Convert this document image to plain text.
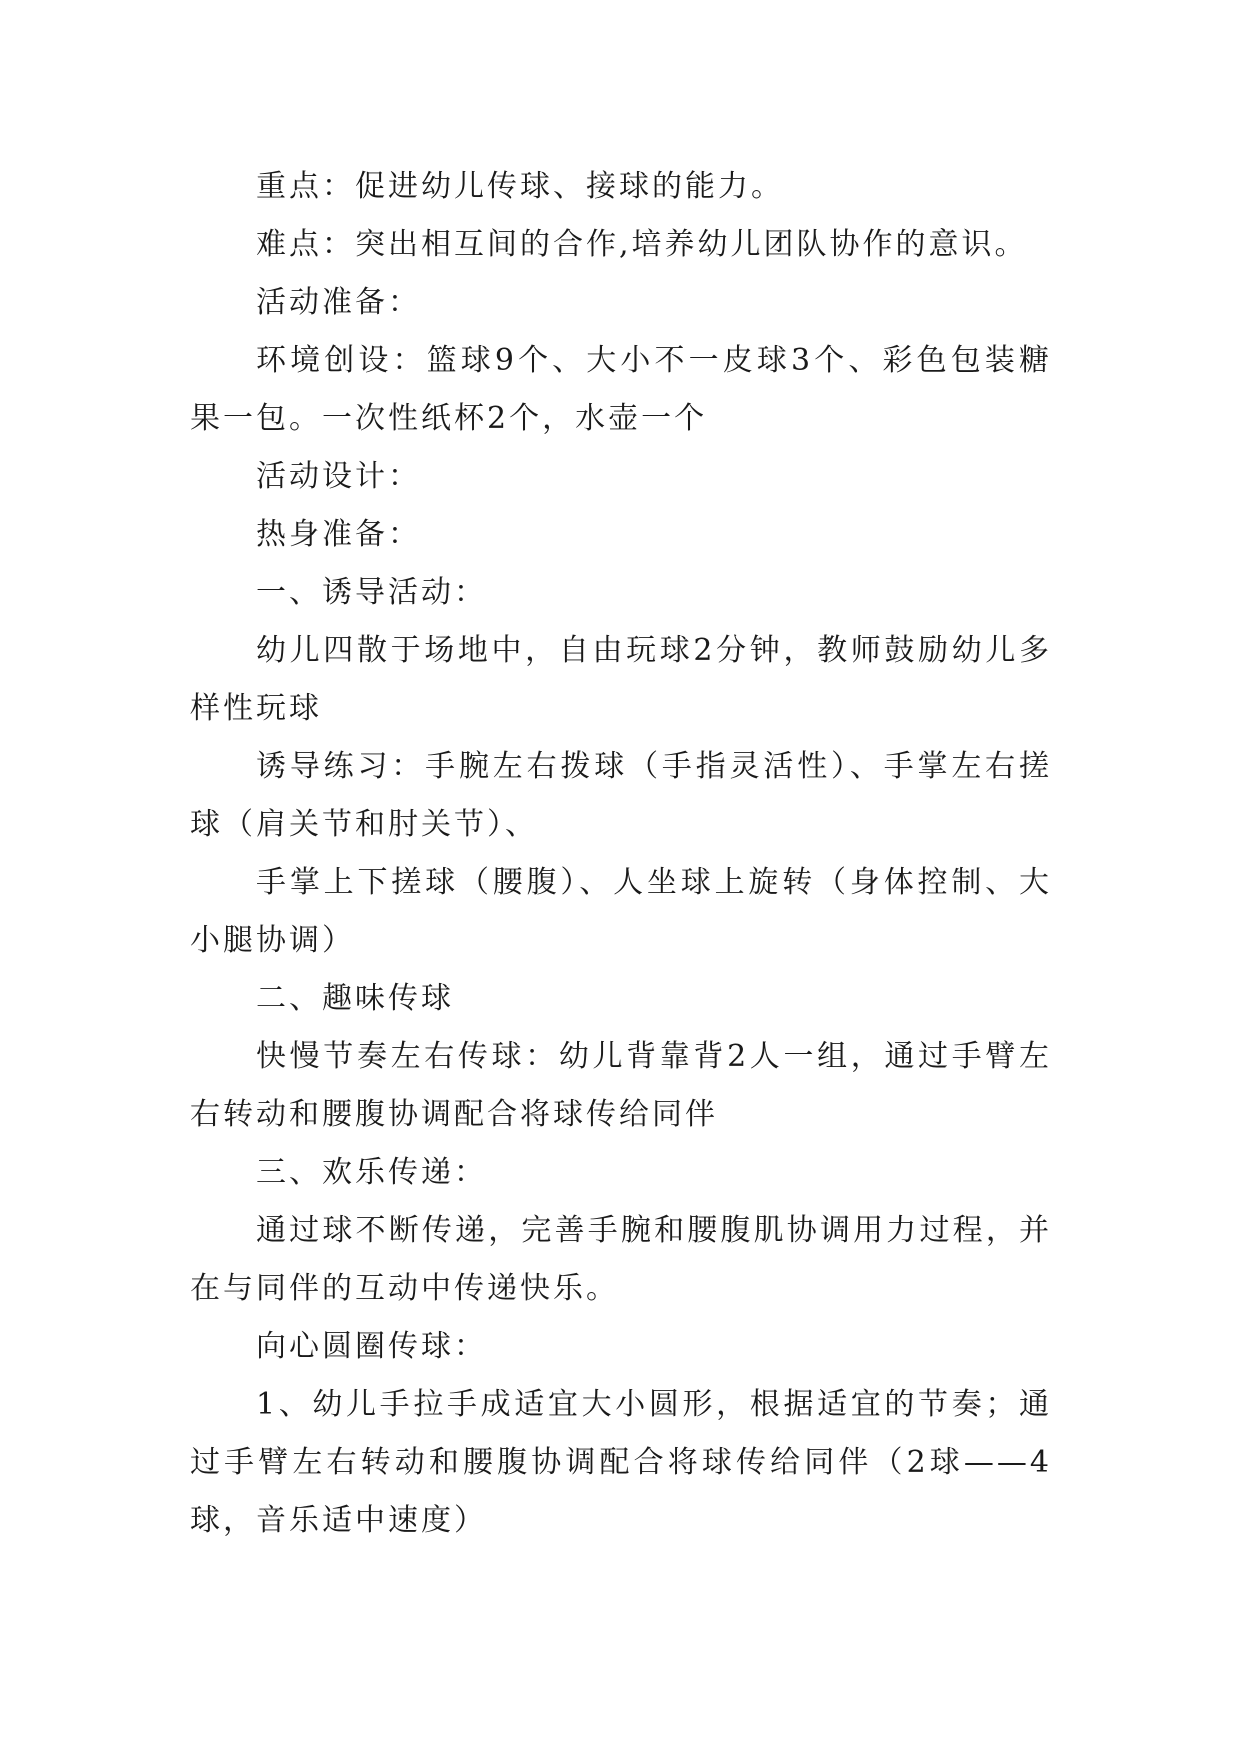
重点：促进幼儿传球、接球的能力。

难点：突出相互间的合作,培养幼儿团队协作的意识。

活动准备：

环境创设：篮球9个、大小不一皮球3个、彩色包装糖果一包。一次性纸杯2个，水壶一个

活动设计：

热身准备：

一、诱导活动：

幼儿四散于场地中，自由玩球2分钟，教师鼓励幼儿多样性玩球

诱导练习：手腕左右拨球（手指灵活性）、手掌左右搓球（肩关节和肘关节）、

手掌上下搓球（腰腹）、人坐球上旋转（身体控制、大小腿协调）

二、趣味传球

快慢节奏左右传球：幼儿背靠背2人一组，通过手臂左右转动和腰腹协调配合将球传给同伴

三、欢乐传递：

通过球不断传递，完善手腕和腰腹肌协调用力过程，并在与同伴的互动中传递快乐。

向心圆圈传球：

1、幼儿手拉手成适宜大小圆形，根据适宜的节奏；通过手臂左右转动和腰腹协调配合将球传给同伴（2球——4球，音乐适中速度）
